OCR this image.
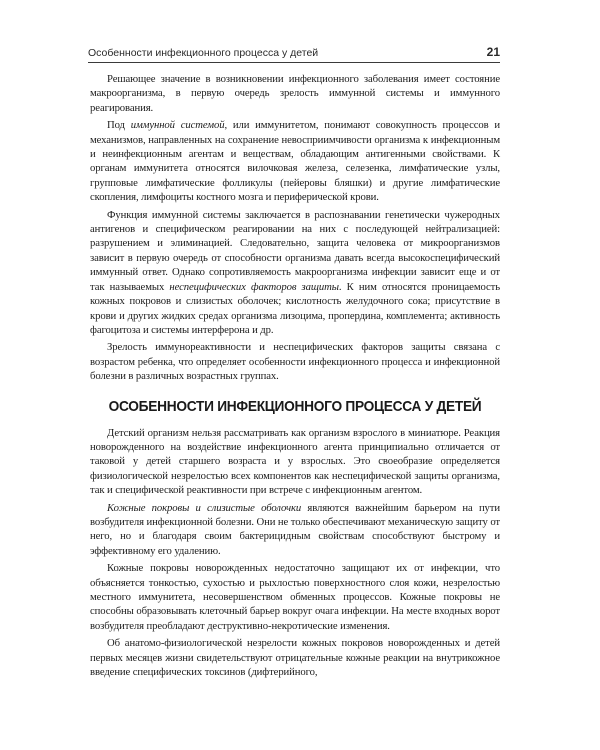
Особенности инфекционного процесса у детей	21

Решающее значение в возникновении инфекционного заболевания имеет состояние макроорганизма, в первую очередь зрелость иммунной системы и иммунного реагирования.

Под иммунной системой, или иммунитетом, понимают совокупность процессов и механизмов, направленных на сохранение невосприимчивости организма к инфекционным и неинфекционным агентам и веществам, обладающим антигенными свойствами. К органам иммунитета относятся вилочковая железа, селезенка, лимфатические узлы, групповые лимфатические фолликулы (пейеровы бляшки) и другие лимфатические скопления, лимфоциты костного мозга и периферической крови.

Функция иммунной системы заключается в распознавании генетически чужеродных антигенов и специфическом реагировании на них с последующей нейтрализацией: разрушением и элиминацией. Следовательно, защита человека от микроорганизмов зависит в первую очередь от способности организма давать всегда высокоспецифический иммунный ответ. Однако сопротивляемость макроорганизма инфекции зависит еще и от так называемых неспецифических факторов защиты. К ним относятся проницаемость кожных покровов и слизистых оболочек; кислотность желудочного сока; присутствие в крови и других жидких средах организма лизоцима, пропердина, комплемента; активность фагоцитоза и системы интерферона и др.

Зрелость иммунореактивности и неспецифических факторов защиты связана с возрастом ребенка, что определяет особенности инфекционного процесса и инфекционной болезни в различных возрастных группах.

ОСОБЕННОСТИ ИНФЕКЦИОННОГО ПРОЦЕССА У ДЕТЕЙ

Детский организм нельзя рассматривать как организм взрослого в миниатюре. Реакция новорожденного на воздействие инфекционного агента принципиально отличается от таковой у детей старшего возраста и у взрослых. Это своеобразие определяется физиологической незрелостью всех компонентов как неспецифической защиты организма, так и специфической реактивности при встрече с инфекционным агентом.

Кожные покровы и слизистые оболочки являются важнейшим барьером на пути возбудителя инфекционной болезни. Они не только обеспечивают механическую защиту от него, но и благодаря своим бактерицидным свойствам способствуют быстрому и эффективному его удалению.

Кожные покровы новорожденных недостаточно защищают их от инфекции, что объясняется тонкостью, сухостью и рыхлостью поверхностного слоя кожи, незрелостью местного иммунитета, несовершенством обменных процессов. Кожные покровы не способны образовывать клеточный барьер вокруг очага инфекции. На месте входных ворот возбудителя преобладают деструктивно-некротические изменения.

Об анатомо-физиологической незрелости кожных покровов новорожденных и детей первых месяцев жизни свидетельствуют отрицательные кожные реакции на внутрикожное введение специфических токсинов (дифтерийного,
